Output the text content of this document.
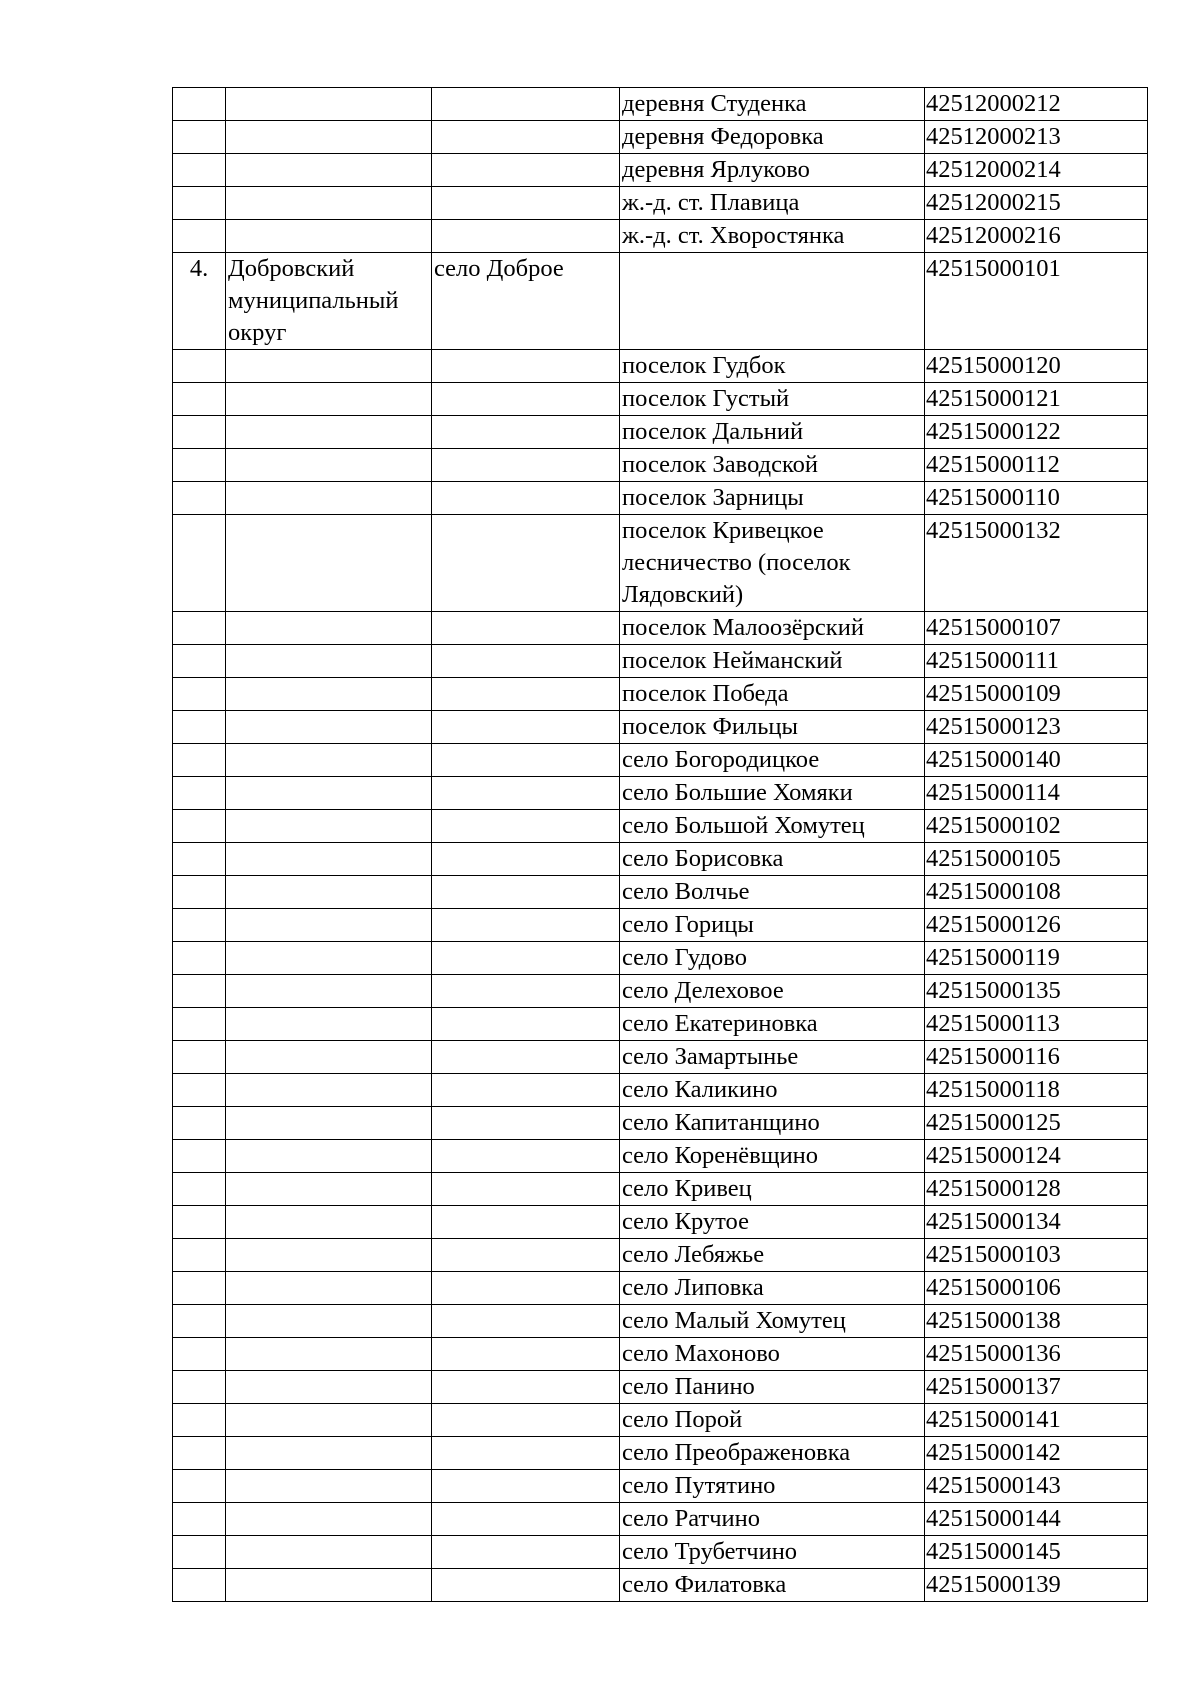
			деревня Студенка	42512000212
			деревня Федоровка	42512000213
			деревня Ярлуково	42512000214
			ж.-д. ст. Плавица	42512000215
			ж.-д. ст. Хворостянка	42512000216
4.	Добровский муниципальный округ	село Доброе		42515000101
			поселок Гудбок	42515000120
			поселок Густый	42515000121
			поселок Дальний	42515000122
			поселок Заводской	42515000112
			поселок Зарницы	42515000110
			поселок Кривецкое лесничество (поселок Лядовский)	42515000132
			поселок Малоозёрский	42515000107
			поселок Нейманский	42515000111
			поселок Победа	42515000109
			поселок Фильцы	42515000123
			село Богородицкое	42515000140
			село Большие Хомяки	42515000114
			село Большой Хомутец	42515000102
			село Борисовка	42515000105
			село Волчье	42515000108
			село Горицы	42515000126
			село Гудово	42515000119
			село Делеховое	42515000135
			село Екатериновка	42515000113
			село Замартынье	42515000116
			село Каликино	42515000118
			село Капитанщино	42515000125
			село Коренёвщино	42515000124
			село Кривец	42515000128
			село Крутое	42515000134
			село Лебяжье	42515000103
			село Липовка	42515000106
			село Малый Хомутец	42515000138
			село Махоново	42515000136
			село Панино	42515000137
			село Порой	42515000141
			село Преображеновка	42515000142
			село Путятино	42515000143
			село Ратчино	42515000144
			село Трубетчино	42515000145
			село Филатовка	42515000139
